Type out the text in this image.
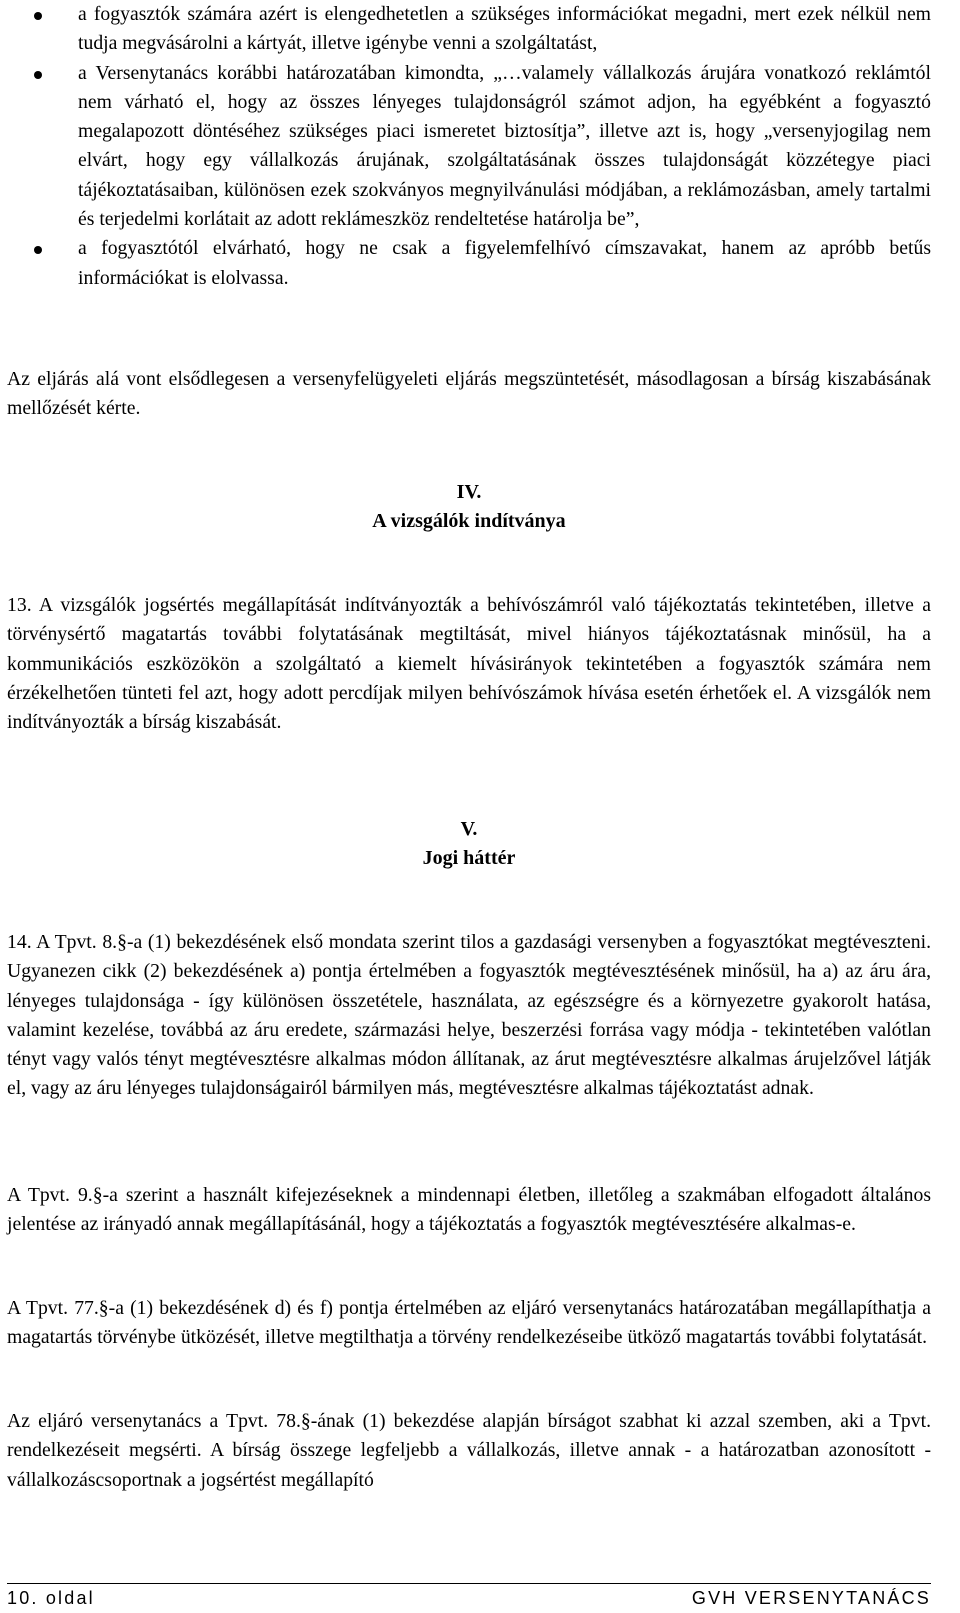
a fogyasztók számára azért is elengedhetetlen a szükséges információkat megadni, mert ezek nélkül nem tudja megvásárolni a kártyát, illetve igénybe venni a szolgáltatást,
a Versenytanács korábbi határozatában kimondta, „…valamely vállalkozás árujára vonatkozó reklámtól nem várható el, hogy az összes lényeges tulajdonságról számot adjon, ha egyébként a fogyasztó megalapozott döntéséhez szükséges piaci ismeretet biztosítja”, illetve azt is, hogy „versenyjogilag nem elvárt, hogy egy vállalkozás árujának, szolgáltatásának összes tulajdonságát közzétegye piaci tájékoztatásaiban, különösen ezek szokványos megnyilvánulási módjában, a reklámozásban, amely tartalmi és terjedelmi korlátait az adott reklámeszköz rendeltetése határolja be”,
a fogyasztótól elvárható, hogy ne csak a figyelemfelhívó címszavakat, hanem az apróbb betűs információkat is elolvassa.

Az eljárás alá vont elsődlegesen a versenyfelügyeleti eljárás megszüntetését, másodlagosan a bírság kiszabásának mellőzését kérte.

IV.

A vizsgálók indítványa

13. A vizsgálók jogsértés megállapítását indítványozták a behívószámról való tájékoztatás tekintetében, illetve a törvénysértő magatartás további folytatásának megtiltását, mivel hiányos tájékoztatásnak minősül, ha a kommunikációs eszközökön a szolgáltató a kiemelt hívásirányok tekintetében a fogyasztók számára nem érzékelhetően tünteti fel azt, hogy adott percdíjak milyen behívószámok hívása esetén érhetőek el. A vizsgálók nem indítványozták a bírság kiszabását.

V.

Jogi háttér

14. A Tpvt. 8.§-a (1) bekezdésének első mondata szerint tilos a gazdasági versenyben a fogyasztókat megtéveszteni. Ugyanezen cikk (2) bekezdésének a) pontja értelmében a fogyasztók megtévesztésének minősül, ha a) az áru ára, lényeges tulajdonsága - így különösen összetétele, használata, az egészségre és a környezetre gyakorolt hatása, valamint kezelése, továbbá az áru eredete, származási helye, beszerzési forrása vagy módja - tekintetében valótlan tényt vagy valós tényt megtévesztésre alkalmas módon állítanak, az árut megtévesztésre alkalmas árujelzővel látják el, vagy az áru lényeges tulajdonságairól bármilyen más, megtévesztésre alkalmas tájékoztatást adnak.

A Tpvt. 9.§-a szerint a használt kifejezéseknek a mindennapi életben, illetőleg a szakmában elfogadott általános jelentése az irányadó annak megállapításánál, hogy a tájékoztatás a fogyasztók megtévesztésére alkalmas-e.

A Tpvt. 77.§-a (1) bekezdésének d) és f) pontja értelmében az eljáró versenytanács határozatában megállapíthatja a magatartás törvénybe ütközését, illetve megtilthatja a törvény rendelkezéseibe ütköző magatartás további folytatását.

Az eljáró versenytanács a Tpvt. 78.§-ának (1) bekezdése alapján bírságot szabhat ki azzal szemben, aki a Tpvt. rendelkezéseit megsérti. A bírság összege legfeljebb a vállalkozás, illetve annak - a határozatban azonosított - vállalkozáscsoportnak a jogsértést megállapító

10. oldal	GVH VERSENYTANÁCS
